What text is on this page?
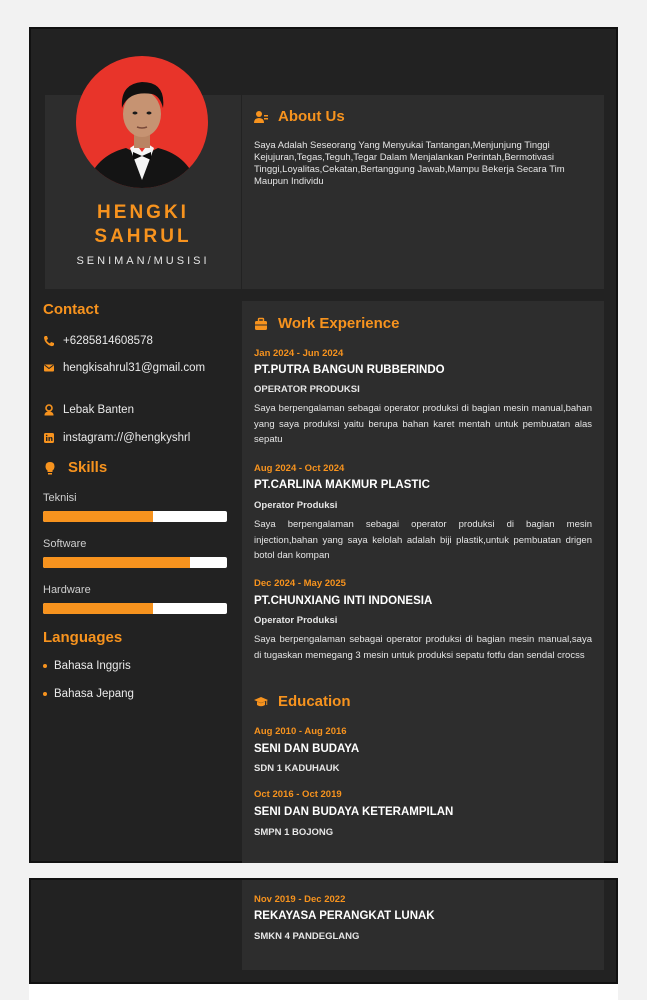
HENGKI
SAHRUL
SENIMAN/MUSISI
About Us
Saya Adalah Seseorang Yang Menyukai Tantangan,Menjunjung Tinggi Kejujuran,Tegas,Teguh,Tegar Dalam Menjalankan Perintah,Bermotivasi Tinggi,Loyalitas,Cekatan,Bertanggung Jawab,Mampu Bekerja Secara Tim Maupun Individu
Contact
+6285814608578
hengkisahrul31@gmail.com
Lebak Banten
instagram://@hengkyshrl
Skills
Teknisi
Software
Hardware
Languages
Bahasa Inggris
Bahasa Jepang
Work Experience
Jan 2024 - Jun 2024
PT.PUTRA BANGUN RUBBERINDO
OPERATOR PRODUKSI
Saya berpengalaman sebagai operator produksi di bagian mesin manual,bahan yang saya produksi yaitu berupa bahan karet mentah untuk pembuatan alas sepatu
Aug 2024 - Oct 2024
PT.CARLINA MAKMUR PLASTIC
Operator Produksi
Saya berpengalaman sebagai operator produksi di bagian mesin injection,bahan yang saya kelolah adalah biji plastik,untuk pembuatan drigen botol dan kompan
Dec 2024 - May 2025
PT.CHUNXIANG INTI INDONESIA
Operator Produksi
Saya berpengalaman sebagai operator produksi di bagian mesin manual,saya di tugaskan memegang 3 mesin untuk produksi sepatu fotfu dan sendal crocss
Education
Aug 2010 - Aug 2016
SENI DAN BUDAYA
SDN 1 KADUHAUK
Oct 2016 - Oct 2019
SENI DAN BUDAYA KETERAMPILAN
SMPN 1 BOJONG
Nov 2019 - Dec 2022
REKAYASA PERANGKAT LUNAK
SMKN 4 PANDEGLANG
